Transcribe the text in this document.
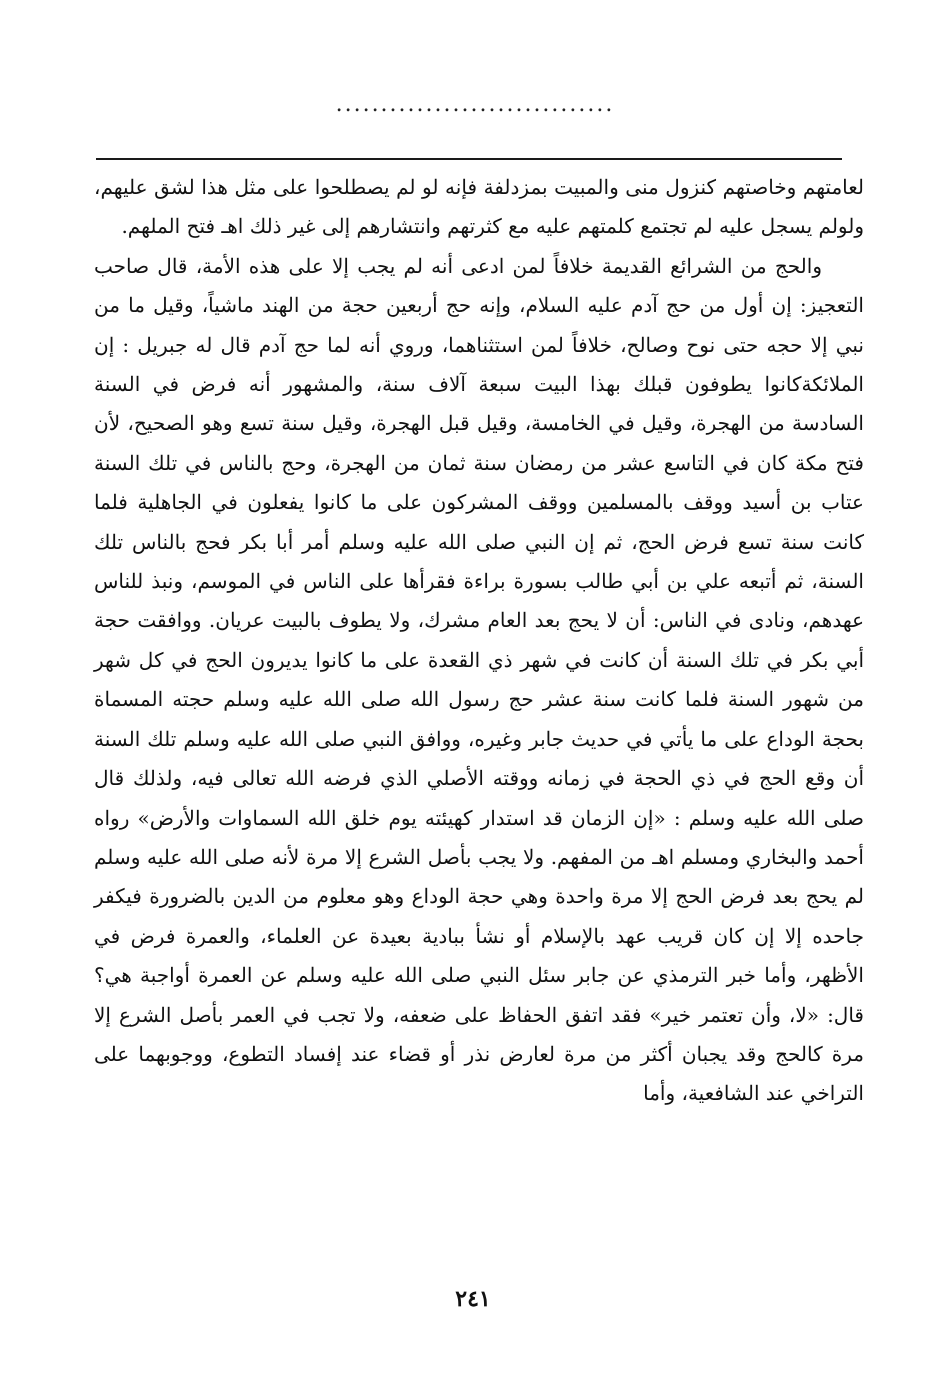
...............................

لعامتهم وخاصتهم كنزول منى والمبيت بمزدلفة فإنه لو لم يصطلحوا على مثل هذا لشق عليهم، ولولم يسجل عليه لم تجتمع كلمتهم عليه مع كثرتهم وانتشارهم إلى غير ذلك اهـ فتح الملهم.

والحج من الشرائع القديمة خلافاً لمن ادعى أنه لم يجب إلا على هذه الأمة، قال صاحب التعجيز: إن أول من حج آدم عليه السلام، وإنه حج أربعين حجة من الهند ماشياً، وقيل ما من نبي إلا حجه حتى نوح وصالح، خلافاً لمن استثناهما، وروي أنه لما حج آدم قال له جبريل : إن الملائكةكانوا يطوفون قبلك بهذا البيت سبعة آلاف سنة، والمشهور أنه فرض في السنة السادسة من الهجرة، وقيل في الخامسة، وقيل قبل الهجرة، وقيل سنة تسع وهو الصحيح، لأن فتح مكة كان في التاسع عشر من رمضان سنة ثمان من الهجرة، وحج بالناس في تلك السنة عتاب بن أسيد ووقف بالمسلمين ووقف المشركون على ما كانوا يفعلون في الجاهلية فلما كانت سنة تسع فرض الحج، ثم إن النبي صلى الله عليه وسلم أمر أبا بكر فحج بالناس تلك السنة، ثم أتبعه علي بن أبي طالب بسورة براءة فقرأها على الناس في الموسم، ونبذ للناس عهدهم، ونادى في الناس: أن لا يحج بعد العام مشرك، ولا يطوف بالبيت عريان. ووافقت حجة أبي بكر في تلك السنة أن كانت في شهر ذي القعدة على ما كانوا يديرون الحج في كل شهر من شهور السنة فلما كانت سنة عشر حج رسول الله صلى الله عليه وسلم حجته المسماة بحجة الوداع على ما يأتي في حديث جابر وغيره، ووافق النبي صلى الله عليه وسلم تلك السنة أن وقع الحج في ذي الحجة في زمانه ووقته الأصلي الذي فرضه الله تعالى فيه، ولذلك قال صلى الله عليه وسلم : «إن الزمان قد استدار كهيئته يوم خلق الله السماوات والأرض» رواه أحمد والبخاري ومسلم اهـ من المفهم. ولا يجب بأصل الشرع إلا مرة لأنه صلى الله عليه وسلم لم يحج بعد فرض الحج إلا مرة واحدة وهي حجة الوداع وهو معلوم من الدين بالضرورة فيكفر جاحده إلا إن كان قريب عهد بالإسلام أو نشأ ببادية بعيدة عن العلماء، والعمرة فرض في الأظهر، وأما خبر الترمذي عن جابر سئل النبي صلى الله عليه وسلم عن العمرة أواجبة هي؟ قال: «لا، وأن تعتمر خير» فقد اتفق الحفاظ على ضعفه، ولا تجب في العمر بأصل الشرع إلا مرة كالحج وقد يجبان أكثر من مرة لعارض نذر أو قضاء عند إفساد التطوع، ووجوبهما على التراخي عند الشافعية، وأما

٢٤١
